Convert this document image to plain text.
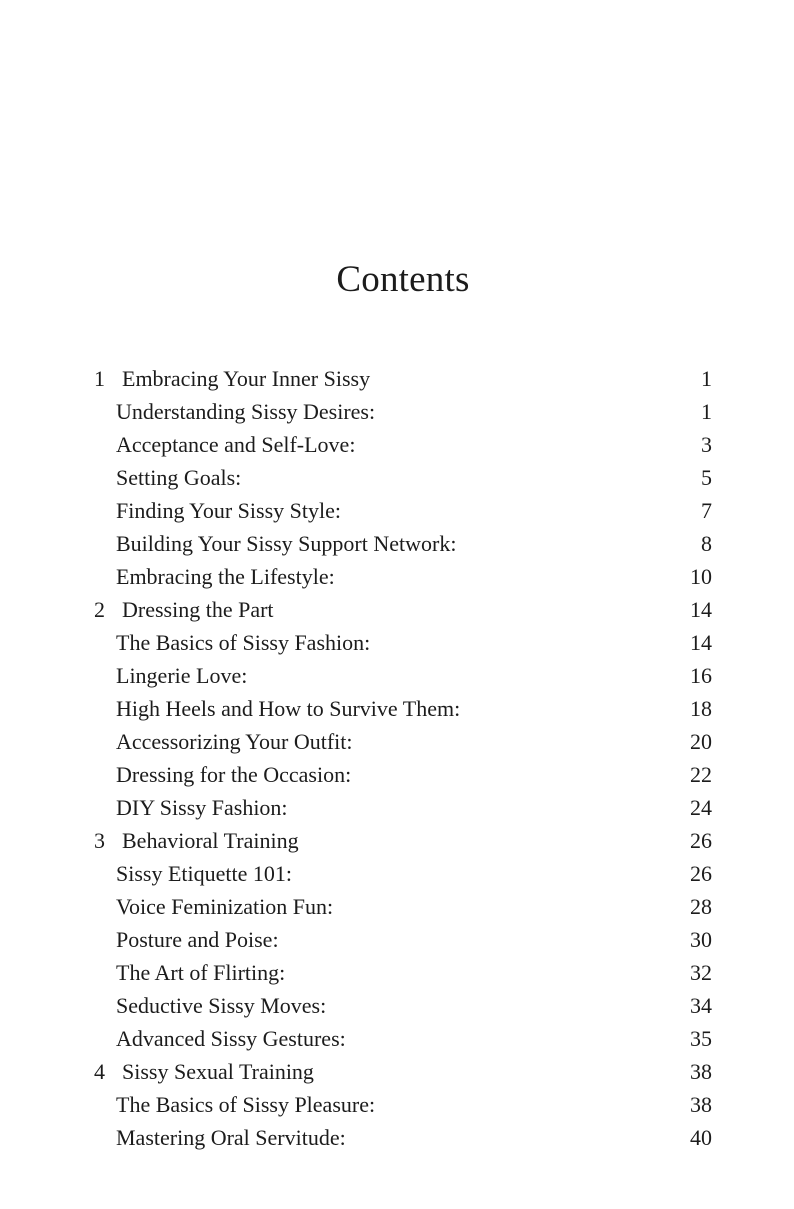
Contents
1 Embracing Your Inner Sissy	1
Understanding Sissy Desires:	1
Acceptance and Self-Love:	3
Setting Goals:	5
Finding Your Sissy Style:	7
Building Your Sissy Support Network:	8
Embracing the Lifestyle:	10
2 Dressing the Part	14
The Basics of Sissy Fashion:	14
Lingerie Love:	16
High Heels and How to Survive Them:	18
Accessorizing Your Outfit:	20
Dressing for the Occasion:	22
DIY Sissy Fashion:	24
3 Behavioral Training	26
Sissy Etiquette 101:	26
Voice Feminization Fun:	28
Posture and Poise:	30
The Art of Flirting:	32
Seductive Sissy Moves:	34
Advanced Sissy Gestures:	35
4 Sissy Sexual Training	38
The Basics of Sissy Pleasure:	38
Mastering Oral Servitude:	40
